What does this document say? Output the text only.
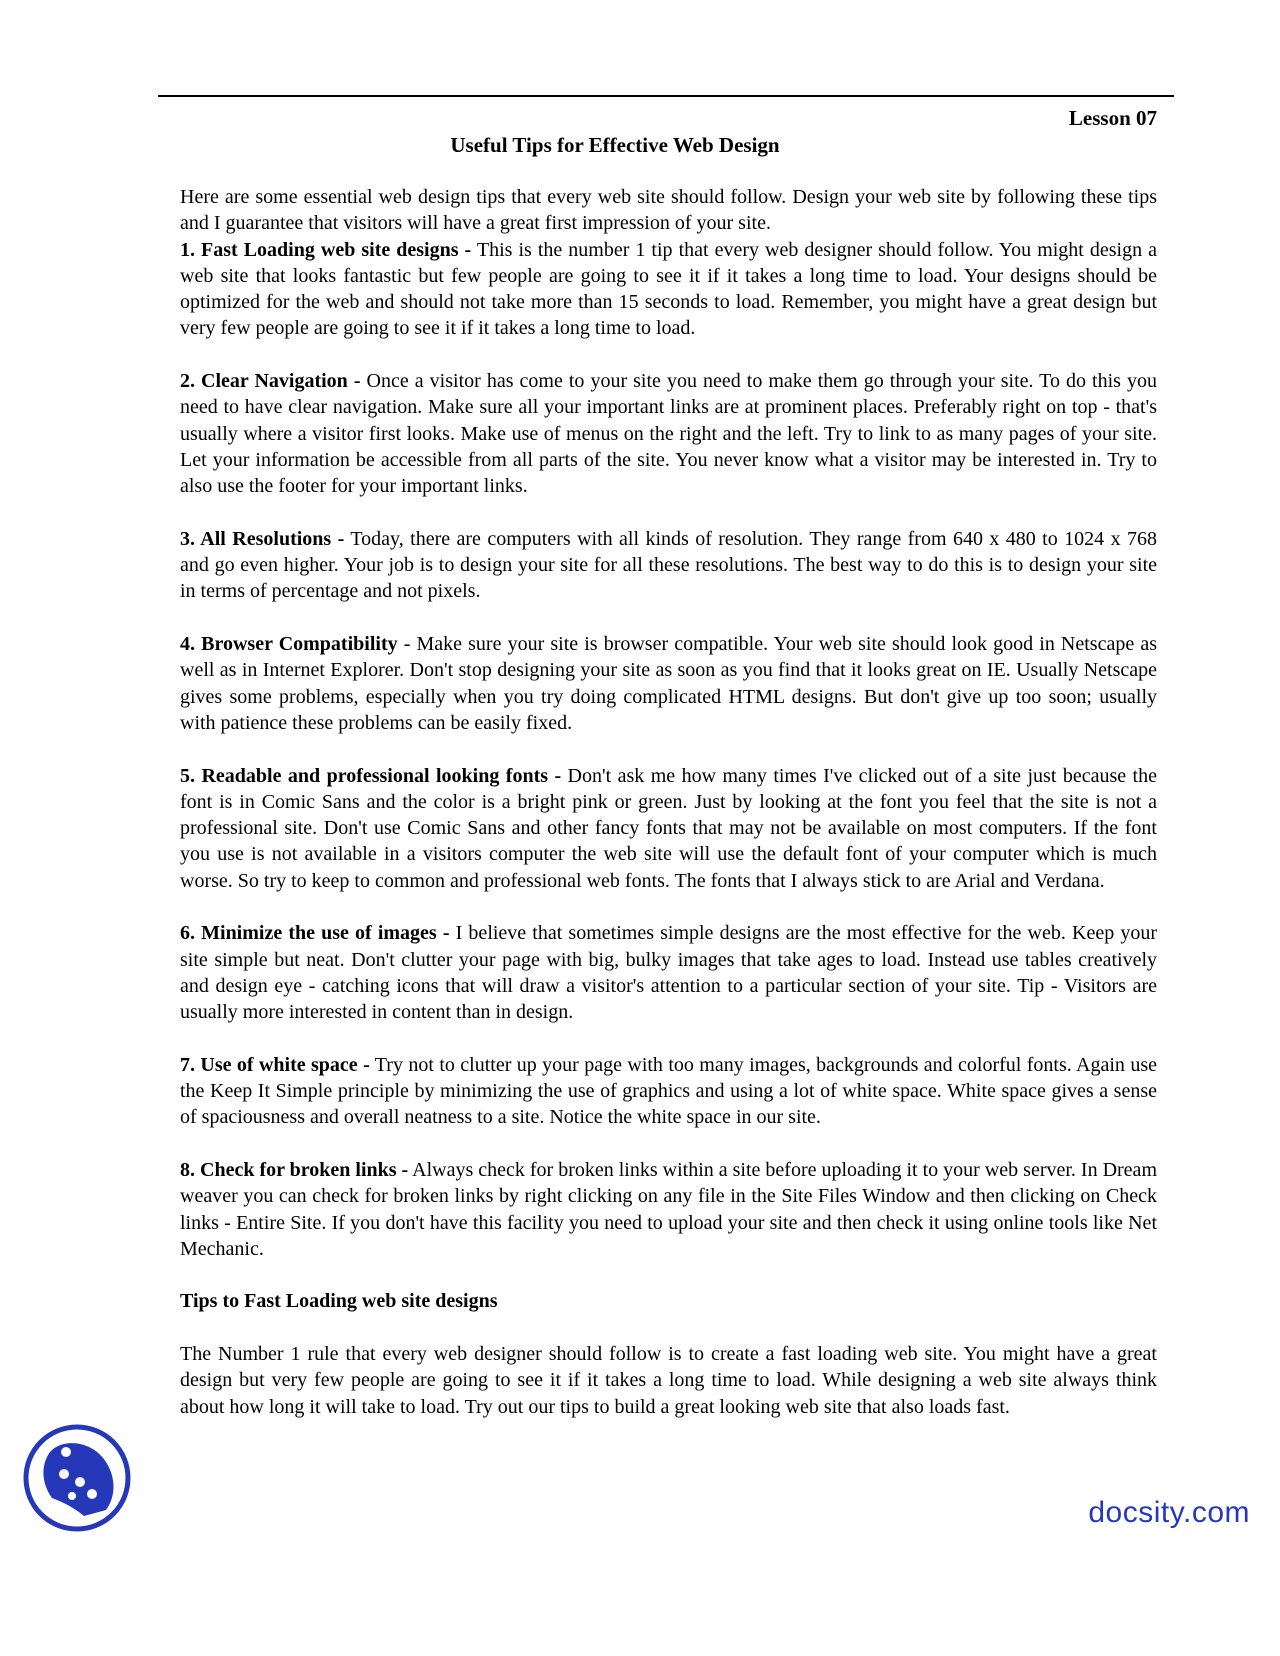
Lesson 07
Useful Tips for Effective Web Design

Here are some essential web design tips that every web site should follow. Design your web site by following these tips and I guarantee that visitors will have a great first impression of your site.

1. Fast Loading web site designs - This is the number 1 tip that every web designer should follow. You might design a web site that looks fantastic but few people are going to see it if it takes a long time to load. Your designs should be optimized for the web and should not take more than 15 seconds to load. Remember, you might have a great design but very few people are going to see it if it takes a long time to load.

2. Clear Navigation - Once a visitor has come to your site you need to make them go through your site. To do this you need to have clear navigation. Make sure all your important links are at prominent places. Preferably right on top - that's usually where a visitor first looks. Make use of menus on the right and the left. Try to link to as many pages of your site. Let your information be accessible from all parts of the site. You never know what a visitor may be interested in. Try to also use the footer for your important links.

3. All Resolutions - Today, there are computers with all kinds of resolution. They range from 640 x 480 to 1024 x 768 and go even higher. Your job is to design your site for all these resolutions. The best way to do this is to design your site in terms of percentage and not pixels.

4. Browser Compatibility - Make sure your site is browser compatible. Your web site should look good in Netscape as well as in Internet Explorer. Don't stop designing your site as soon as you find that it looks great on IE. Usually Netscape gives some problems, especially when you try doing complicated HTML designs. But don't give up too soon; usually with patience these problems can be easily fixed.

5. Readable and professional looking fonts - Don't ask me how many times I've clicked out of a site just because the font is in Comic Sans and the color is a bright pink or green. Just by looking at the font you feel that the site is not a professional site. Don't use Comic Sans and other fancy fonts that may not be available on most computers. If the font you use is not available in a visitors computer the web site will use the default font of your computer which is much worse. So try to keep to common and professional web fonts. The fonts that I always stick to are Arial and Verdana.

6. Minimize the use of images - I believe that sometimes simple designs are the most effective for the web. Keep your site simple but neat. Don't clutter your page with big, bulky images that take ages to load. Instead use tables creatively and design eye - catching icons that will draw a visitor's attention to a particular section of your site. Tip - Visitors are usually more interested in content than in design.

7. Use of white space - Try not to clutter up your page with too many images, backgrounds and colorful fonts. Again use the Keep It Simple principle by minimizing the use of graphics and using a lot of white space. White space gives a sense of spaciousness and overall neatness to a site. Notice the white space in our site.

8. Check for broken links - Always check for broken links within a site before uploading it to your web server. In Dream weaver you can check for broken links by right clicking on any file in the Site Files Window and then clicking on Check links - Entire Site. If you don't have this facility you need to upload your site and then check it using online tools like Net Mechanic.

Tips to Fast Loading web site designs

The Number 1 rule that every web designer should follow is to create a fast loading web site. You might have a great design but very few people are going to see it if it takes a long time to load. While designing a web site always think about how long it will take to load. Try out our tips to build a great looking web site that also loads fast.

docsity.com
